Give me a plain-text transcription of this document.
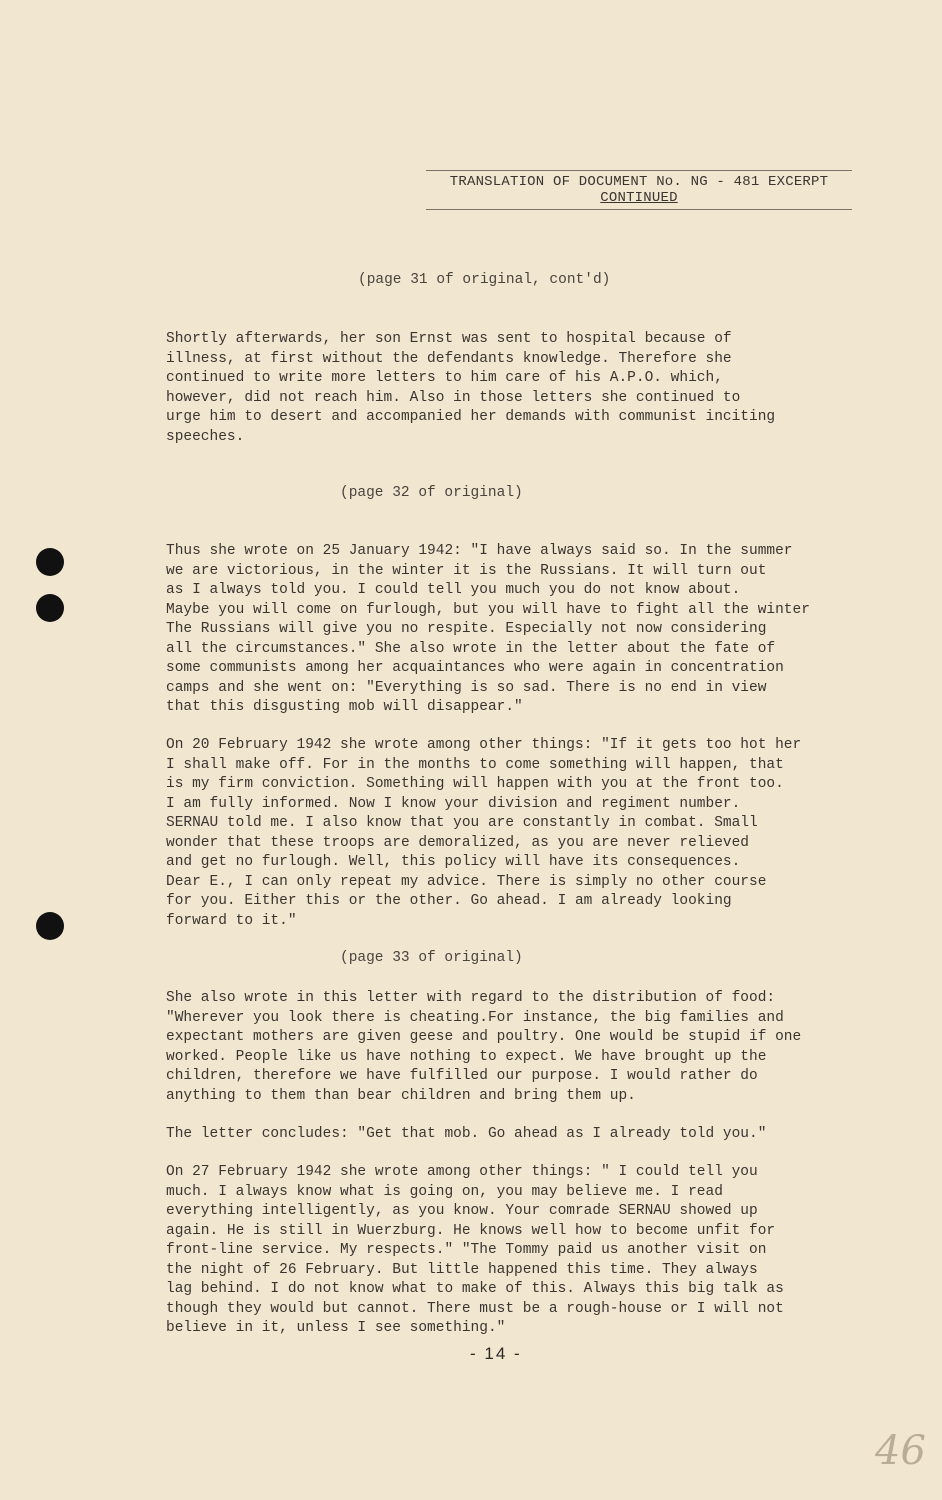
TRANSLATION OF DOCUMENT No. NG - 481 EXCERPT
CONTINUED
(page 31 of original, cont'd)
Shortly afterwards, her son Ernst was sent to hospital because of
illness, at first without the defendants knowledge. Therefore she
continued to write more letters to him care of his A.P.O. which,
however, did not reach him. Also in those letters she continued to
urge him to desert and accompanied her demands with communist inciting
speeches.
(page 32 of original)
Thus she wrote on 25 January 1942: "I have always said so. In the summer
we are victorious, in the winter it is the Russians. It will turn out
as I always told you. I could tell you much you do not know about.
Maybe you will come on furlough, but you will have to fight all the winter
The Russians will give you no respite. Especially not now considering
all the circumstances." She also wrote in the letter about the fate of
some communists among her acquaintances who were again in concentration
camps and she went on: "Everything is so sad. There is no end in view
that this disgusting mob will disappear."
On 20 February 1942 she wrote among other things: "If it gets too hot her
I shall make off. For in the months to come something will happen, that
is my firm conviction. Something will happen with you at the front too.
I am fully informed. Now I know your division and regiment number.
SERNAU told me. I also know that you are constantly in combat. Small
wonder that these troops are demoralized, as you are never relieved
and get no furlough. Well, this policy will have its consequences.
Dear E., I can only repeat my advice. There is simply no other course
for you. Either this or the other. Go ahead. I am already looking
forward to it."
(page 33 of original)
She also wrote in this letter with regard to the distribution of food:
"Wherever you look there is cheating.For instance, the big families and
expectant mothers are given geese and poultry. One would be stupid if one
worked. People like us have nothing to expect. We have brought up the
children, therefore we have fulfilled our purpose. I would rather do
anything to them than bear children and bring them up.
The letter concludes: "Get that mob. Go ahead as I already told you."
On 27 February 1942 she wrote among other things: " I could tell you
much. I always know what is going on, you may believe me. I read
everything intelligently, as you know. Your comrade SERNAU showed up
again. He is still in Wuerzburg. He knows well how to become unfit for
front-line service. My respects." "The Tommy paid us another visit on
the night of 26 February. But little happened this time. They always
lag behind. I do not know what to make of this. Always this big talk as
though they would but cannot. There must be a rough-house or I will not
believe in it, unless I see something."
- 14 -
46
